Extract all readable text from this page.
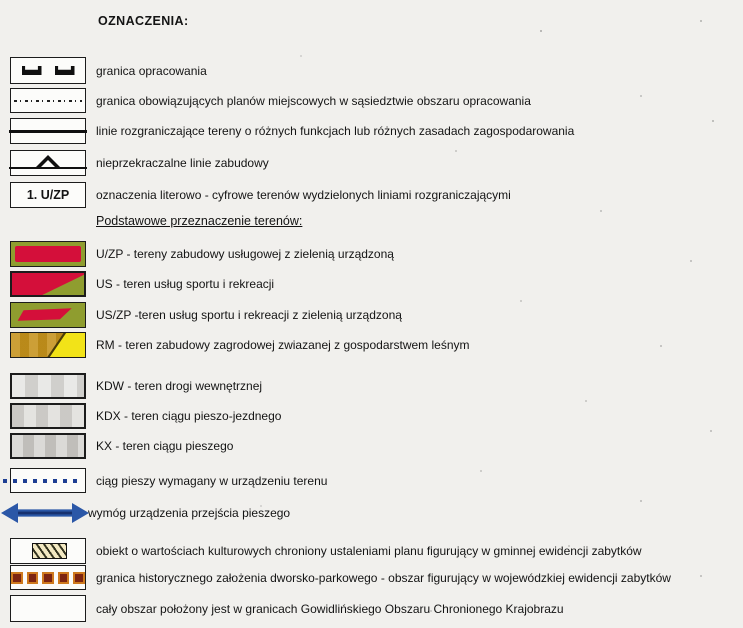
OZNACZENIA:
granica opracowania
granica obowiązujących planów miejscowych w sąsiedztwie obszaru opracowania
linie rozgraniczające tereny o różnych funkcjach lub różnych zasadach zagospodarowania
nieprzekraczalne linie zabudowy
1. U/ZP	oznaczenia literowo - cyfrowe terenów wydzielonych liniami rozgraniczającymi
Podstawowe przeznaczenie terenów:
U/ZP - tereny zabudowy usługowej z zielenią urządzoną
US - teren usług sportu i rekreacji
US/ZP -teren usług sportu i rekreacji z zielenią urządzoną
RM - teren zabudowy zagrodowej zwiazanej z gospodarstwem leśnym
KDW - teren drogi wewnętrznej
KDX - teren ciągu pieszo-jezdnego
KX - teren ciągu pieszego
ciąg pieszy wymagany w urządzeniu terenu
wymóg urządzenia przejścia pieszego
obiekt o wartościach kulturowych chroniony ustaleniami planu figurujący w gminnej ewidencji zabytków
granica historycznego założenia dworsko-parkowego - obszar figurujący w wojewódzkiej ewidencji zabytków
cały obszar położony jest w granicach Gowidlińskiego Obszaru Chronionego Krajobrazu
